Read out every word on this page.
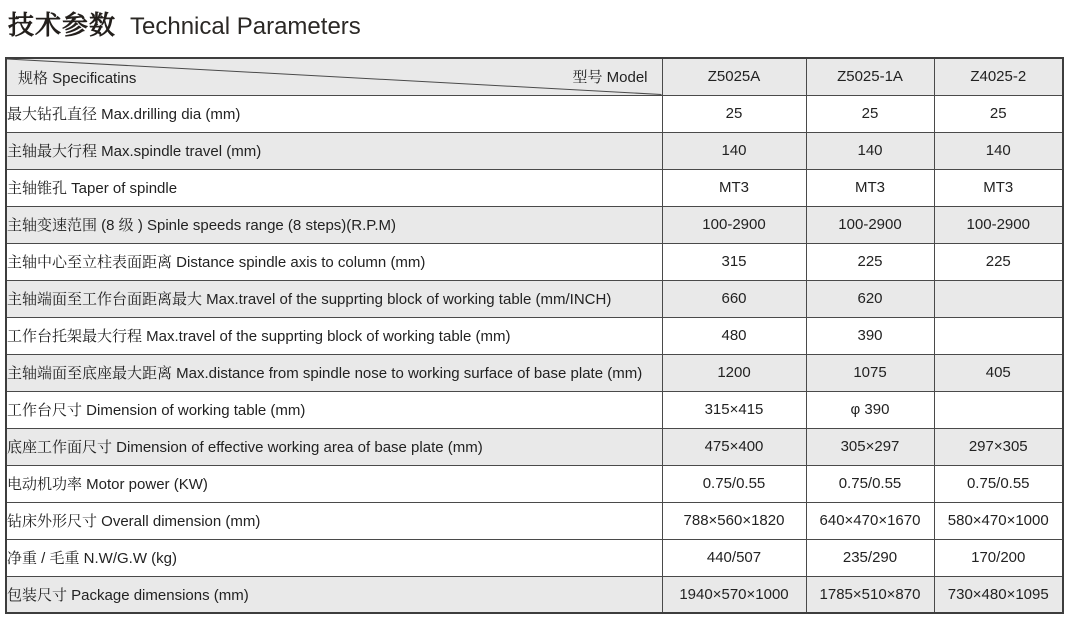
技术参数 Technical Parameters
规格 Specificatins 型号 Model	Z5025A	Z5025-1A	Z4025-2
最大钻孔直径 Max.drilling dia (mm)	25	25	25
主轴最大行程 Max.spindle travel (mm)	140	140	140
主轴锥孔 Taper of spindle	MT3	MT3	MT3
主轴变速范围 (8 级 ) Spinle speeds range (8 steps)(R.P.M)	100-2900	100-2900	100-2900
主轴中心至立柱表面距离 Distance spindle axis to column (mm)	315	225	225
主轴端面至工作台面距离最大 Max.travel of the supprting block of working table (mm/INCH)	660	620	
工作台托架最大行程 Max.travel of the supprting block of working table (mm)	480	390	
主轴端面至底座最大距离 Max.distance from spindle nose to working surface of base plate (mm)	1200	1075	405
工作台尺寸 Dimension of working table (mm)	315×415	φ 390	
底座工作面尺寸 Dimension of effective working area of base plate (mm)	475×400	305×297	297×305
电动机功率 Motor power (KW)	0.75/0.55	0.75/0.55	0.75/0.55
钻床外形尺寸 Overall dimension (mm)	788×560×1820	640×470×1670	580×470×1000
净重 / 毛重 N.W/G.W (kg)	440/507	235/290	170/200
包装尺寸 Package dimensions (mm)	1940×570×1000	1785×510×870	730×480×1095
